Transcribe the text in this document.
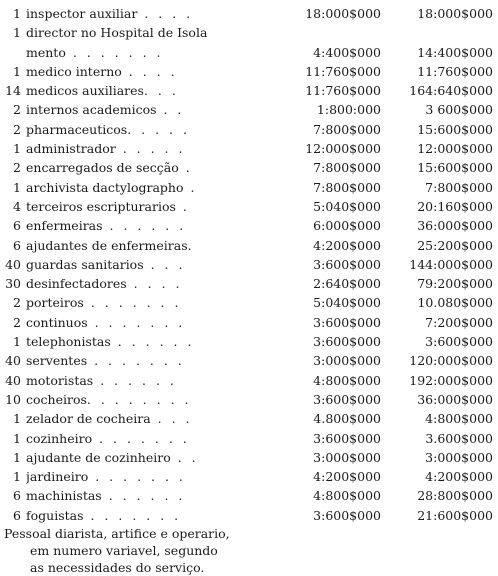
1 inspector auxiliar . . . .	18:000$000	18:000$000
1 director no Hospital de Isola
mento . . . . . . .	4:400$000	14:400$000
1 medico interno . . . .	11:760$000	11:760$000
14 medicos auxiliares. . .	11:760$000	164:640$000
2 internos academicos . .	1:800:000	3 600$000
2 pharmaceuticos. . . . .	7:800$000	15:600$000
1 administrador . . . . .	12:000$000	12:000$000
2 encarregados de secção .	7:800$000	15:600$000
1 archivista dactylographo .	7:800$000	7:800$000
4 terceiros escripturarios .	5:040$000	20:160$000
6 enfermeiras . . . . . .	6:000$000	36:000$000
6 ajudantes de enfermeiras.	4:200$000	25:200$000
40 guardas sanitarios . . .	3:600$000	144:000$000
30 desinfectadores . . . .	2:640$000	79:200$000
2 porteiros . . . . . . .	5:040$000	10.080$000
2 continuos . . . . . . .	3:600$000	7:200$000
1 telephonistas . . . . . .	3:600$000	3:600$000
40 serventes . . . . . . .	3:000$000	120:000$000
40 motoristas . . . . . .	4:800$000	192:000$000
10 cocheiros. . . . . . . .	3:600$000	36:000$000
1 zelador de cocheira . . .	4.800$000	4:800$000
1 cozinheiro . . . . . . .	3:600$000	3.600$000
1 ajudante de cozinheiro . .	3:000$000	3:000$000
1 jardineiro . . . . . . .	4:200$000	4:200$000
6 machinistas . . . . . .	4:800$000	28:800$000
6 foguistas . . . . . . .	3:600$000	21:600$000
Pessoal diarista, artifice e operario,
em numero variavel, segundo
as necessidades do serviço.
